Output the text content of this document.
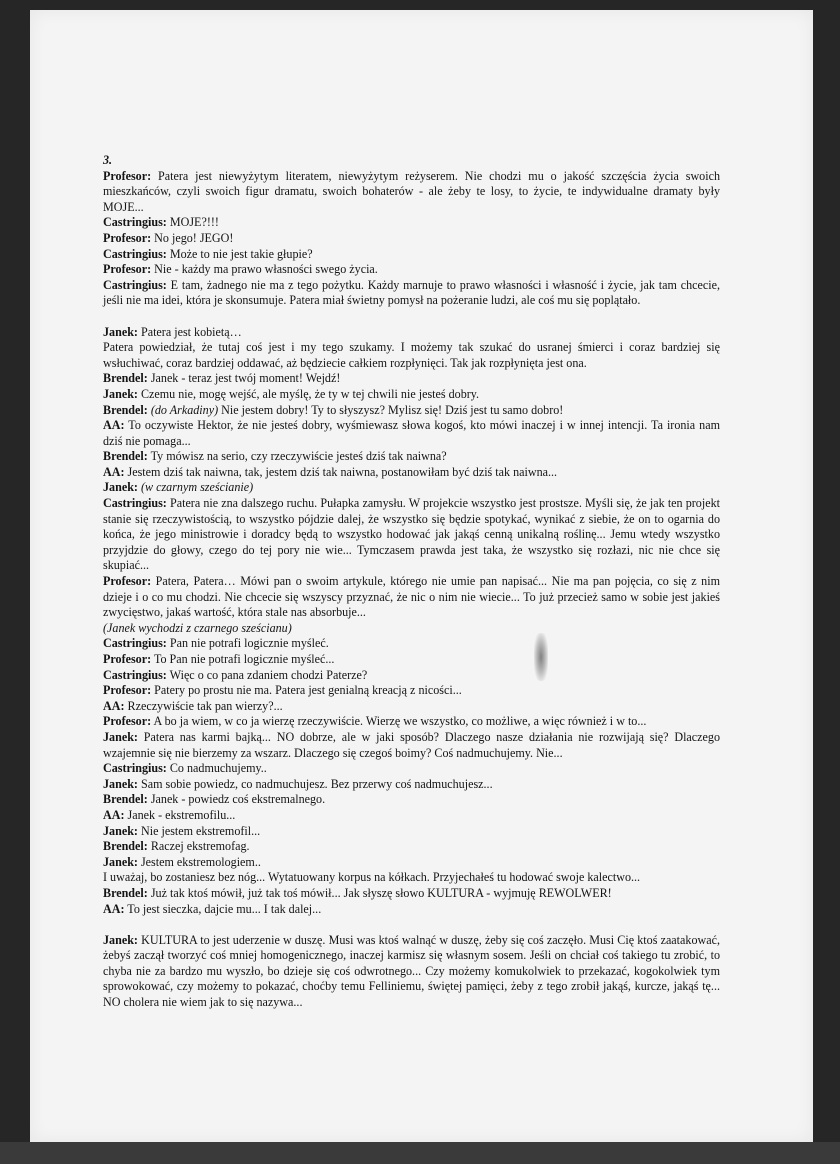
3.

Profesor: Patera jest niewyżytym literatem, niewyżytym reżyserem. Nie chodzi mu o jakość szczęścia życia swoich mieszkańców, czyli swoich figur dramatu, swoich bohaterów - ale żeby te losy, to życie, te indywidualne dramaty były MOJE...

Castringius: MOJE?!!!

Profesor: No jego! JEGO!

Castringius: Może to nie jest takie głupie?

Profesor: Nie - każdy ma prawo własności swego życia.

Castringius: E tam, żadnego nie ma z tego pożytku. Każdy marnuje to prawo własności i własność i życie, jak tam chcecie, jeśli nie ma idei, która je skonsumuje. Patera miał świetny pomysł na pożeranie ludzi, ale coś mu się poplątało.

Janek: Patera jest kobietą…

Patera powiedział, że tutaj coś jest i my tego szukamy. I możemy tak szukać do usranej śmierci i coraz bardziej się wsłuchiwać, coraz bardziej oddawać, aż będziecie całkiem rozpłynięci. Tak jak rozpłynięta jest ona.

Brendel: Janek - teraz jest twój moment! Wejdź!

Janek: Czemu nie, mogę wejść, ale myślę, że ty w tej chwili nie jesteś dobry.

Brendel: (do Arkadiny) Nie jestem dobry! Ty to słyszysz? Mylisz się! Dziś jest tu samo dobro!

AA: To oczywiste Hektor, że nie jesteś dobry, wyśmiewasz słowa kogoś, kto mówi inaczej i w innej intencji. Ta ironia nam dziś nie pomaga...

Brendel: Ty mówisz na serio, czy rzeczywiście jesteś dziś tak naiwna?

AA: Jestem dziś tak naiwna, tak, jestem dziś tak naiwna, postanowiłam być dziś tak naiwna...

Janek: (w czarnym sześcianie)

Castringius: Patera nie zna dalszego ruchu. Pułapka zamysłu. W projekcie wszystko jest prostsze. Myśli się, że jak ten projekt stanie się rzeczywistością, to wszystko pójdzie dalej, że wszystko się będzie spotykać, wynikać z siebie, że on to ogarnia do końca, że jego ministrowie i doradcy będą to wszystko hodować jak jakąś cenną unikalną roślinę... Jemu wtedy wszystko przyjdzie do głowy, czego do tej pory nie wie... Tymczasem prawda jest taka, że wszystko się rozłazi, nic nie chce się skupiać...

Profesor: Patera, Patera… Mówi pan o swoim artykule, którego nie umie pan napisać... Nie ma pan pojęcia, co się z nim dzieje i o co mu chodzi. Nie chcecie się wszyscy przyznać, że nic o nim nie wiecie... To już przecież samo w sobie jest jakieś zwycięstwo, jakaś wartość, która stale nas absorbuje...

(Janek wychodzi z czarnego sześcianu)

Castringius: Pan nie potrafi logicznie myśleć.

Profesor: To Pan nie potrafi logicznie myśleć...

Castringius: Więc o co pana zdaniem chodzi Paterze?

Profesor: Patery po prostu nie ma. Patera jest genialną kreacją z nicości...

AA: Rzeczywiście tak pan wierzy?...

Profesor: A bo ja wiem, w co ja wierzę rzeczywiście. Wierzę we wszystko, co możliwe, a więc również i w to...

Janek: Patera nas karmi bajką... NO dobrze, ale w jaki sposób? Dlaczego nasze działania nie rozwijają się? Dlaczego wzajemnie się nie bierzemy za wszarz. Dlaczego się czegoś boimy? Coś nadmuchujemy. Nie...

Castringius: Co nadmuchujemy..

Janek: Sam sobie powiedz, co nadmuchujesz. Bez przerwy coś nadmuchujesz...

Brendel: Janek - powiedz coś ekstremalnego.

AA: Janek - ekstremofilu...

Janek: Nie jestem ekstremofil...

Brendel: Raczej ekstremofag.

Janek: Jestem ekstremologiem..

I uważaj, bo zostaniesz bez nóg... Wytatuowany korpus na kółkach. Przyjechałeś tu hodować swoje kalectwo...

Brendel: Już tak ktoś mówił, już tak toś mówił... Jak słyszę słowo KULTURA - wyjmuję REWOLWER!

AA: To jest sieczka, dajcie mu... I tak dalej...

Janek: KULTURA to jest uderzenie w duszę. Musi was ktoś walnąć w duszę, żeby się coś zaczęło. Musi Cię ktoś zaatakować, żebyś zaczął tworzyć coś mniej homogenicznego, inaczej karmisz się własnym sosem. Jeśli on chciał coś takiego tu zrobić, to chyba nie za bardzo mu wyszło, bo dzieje się coś odwrotnego... Czy możemy komukolwiek to przekazać, kogokolwiek tym sprowokować, czy możemy to pokazać, choćby temu Felliniemu, świętej pamięci, żeby z tego zrobił jakąś, kurcze, jakąś tę... NO cholera nie wiem jak to się nazywa...
